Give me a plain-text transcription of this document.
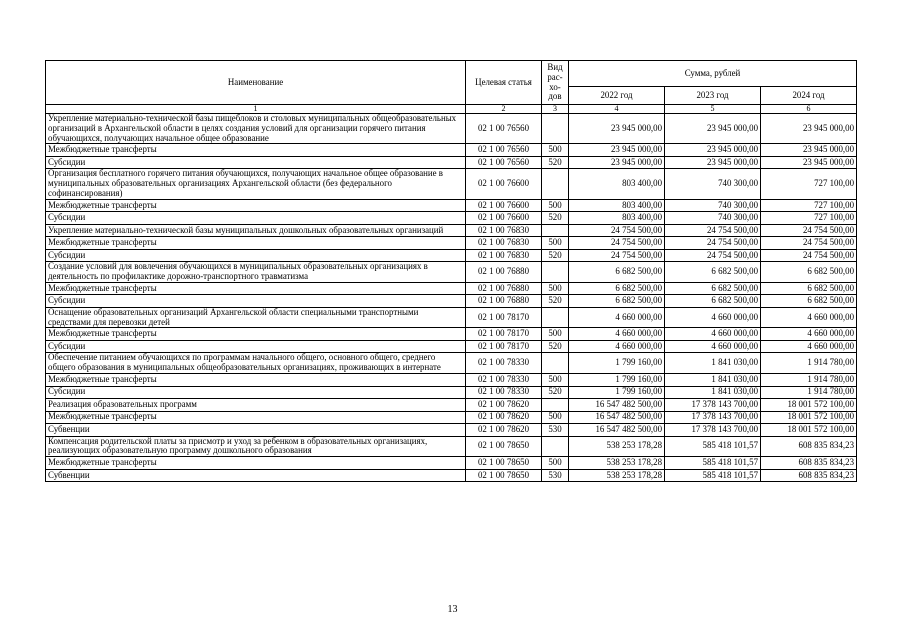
Наименование	Целевая статья	Вид рас- хо- дов	Сумма, рублей		
			2022 год	2023 год	2024 год
1	2	3	4	5	6
Укрепление материально-технической базы пищеблоков и столовых муниципальных общеобразовательных организаций в Архангельской области в целях создания условий для организации горячего питания обучающихся, получающих начальное общее образование	02 1 00 76560		23 945 000,00	23 945 000,00	23 945 000,00
Межбюджетные трансферты	02 1 00 76560	500	23 945 000,00	23 945 000,00	23 945 000,00
Субсидии	02 1 00 76560	520	23 945 000,00	23 945 000,00	23 945 000,00
Организация бесплатного горячего питания обучающихся, получающих начальное общее образование в муниципальных образовательных организациях Архангельской области (без федерального софинансирования)	02 1 00 76600		803 400,00	740 300,00	727 100,00
Межбюджетные трансферты	02 1 00 76600	500	803 400,00	740 300,00	727 100,00
Субсидии	02 1 00 76600	520	803 400,00	740 300,00	727 100,00
Укрепление материально-технической базы муниципальных дошкольных образовательных организаций	02 1 00 76830		24 754 500,00	24 754 500,00	24 754 500,00
Межбюджетные трансферты	02 1 00 76830	500	24 754 500,00	24 754 500,00	24 754 500,00
Субсидии	02 1 00 76830	520	24 754 500,00	24 754 500,00	24 754 500,00
Создание условий для вовлечения обучающихся в муниципальных образовательных организациях в деятельность по профилактике дорожно-транспортного травматизма	02 1 00 76880		6 682 500,00	6 682 500,00	6 682 500,00
Межбюджетные трансферты	02 1 00 76880	500	6 682 500,00	6 682 500,00	6 682 500,00
Субсидии	02 1 00 76880	520	6 682 500,00	6 682 500,00	6 682 500,00
Оснащение образовательных организаций Архангельской области специальными транспортными средствами для перевозки детей	02 1 00 78170		4 660 000,00	4 660 000,00	4 660 000,00
Межбюджетные трансферты	02 1 00 78170	500	4 660 000,00	4 660 000,00	4 660 000,00
Субсидии	02 1 00 78170	520	4 660 000,00	4 660 000,00	4 660 000,00
Обеспечение питанием обучающихся по программам начального общего, основного общего, среднего общего образования в муниципальных общеобразовательных организациях, проживающих в интернате	02 1 00 78330		1 799 160,00	1 841 030,00	1 914 780,00
Межбюджетные трансферты	02 1 00 78330	500	1 799 160,00	1 841 030,00	1 914 780,00
Субсидии	02 1 00 78330	520	1 799 160,00	1 841 030,00	1 914 780,00
Реализация образовательных программ	02 1 00 78620		16 547 482 500,00	17 378 143 700,00	18 001 572 100,00
Межбюджетные трансферты	02 1 00 78620	500	16 547 482 500,00	17 378 143 700,00	18 001 572 100,00
Субвенции	02 1 00 78620	530	16 547 482 500,00	17 378 143 700,00	18 001 572 100,00
Компенсация родительской платы за присмотр и уход за ребенком в образовательных организациях, реализующих образовательную программу дошкольного образования	02 1 00 78650		538 253 178,28	585 418 101,57	608 835 834,23
Межбюджетные трансферты	02 1 00 78650	500	538 253 178,28	585 418 101,57	608 835 834,23
Субвенции	02 1 00 78650	530	538 253 178,28	585 418 101,57	608 835 834,23
13
